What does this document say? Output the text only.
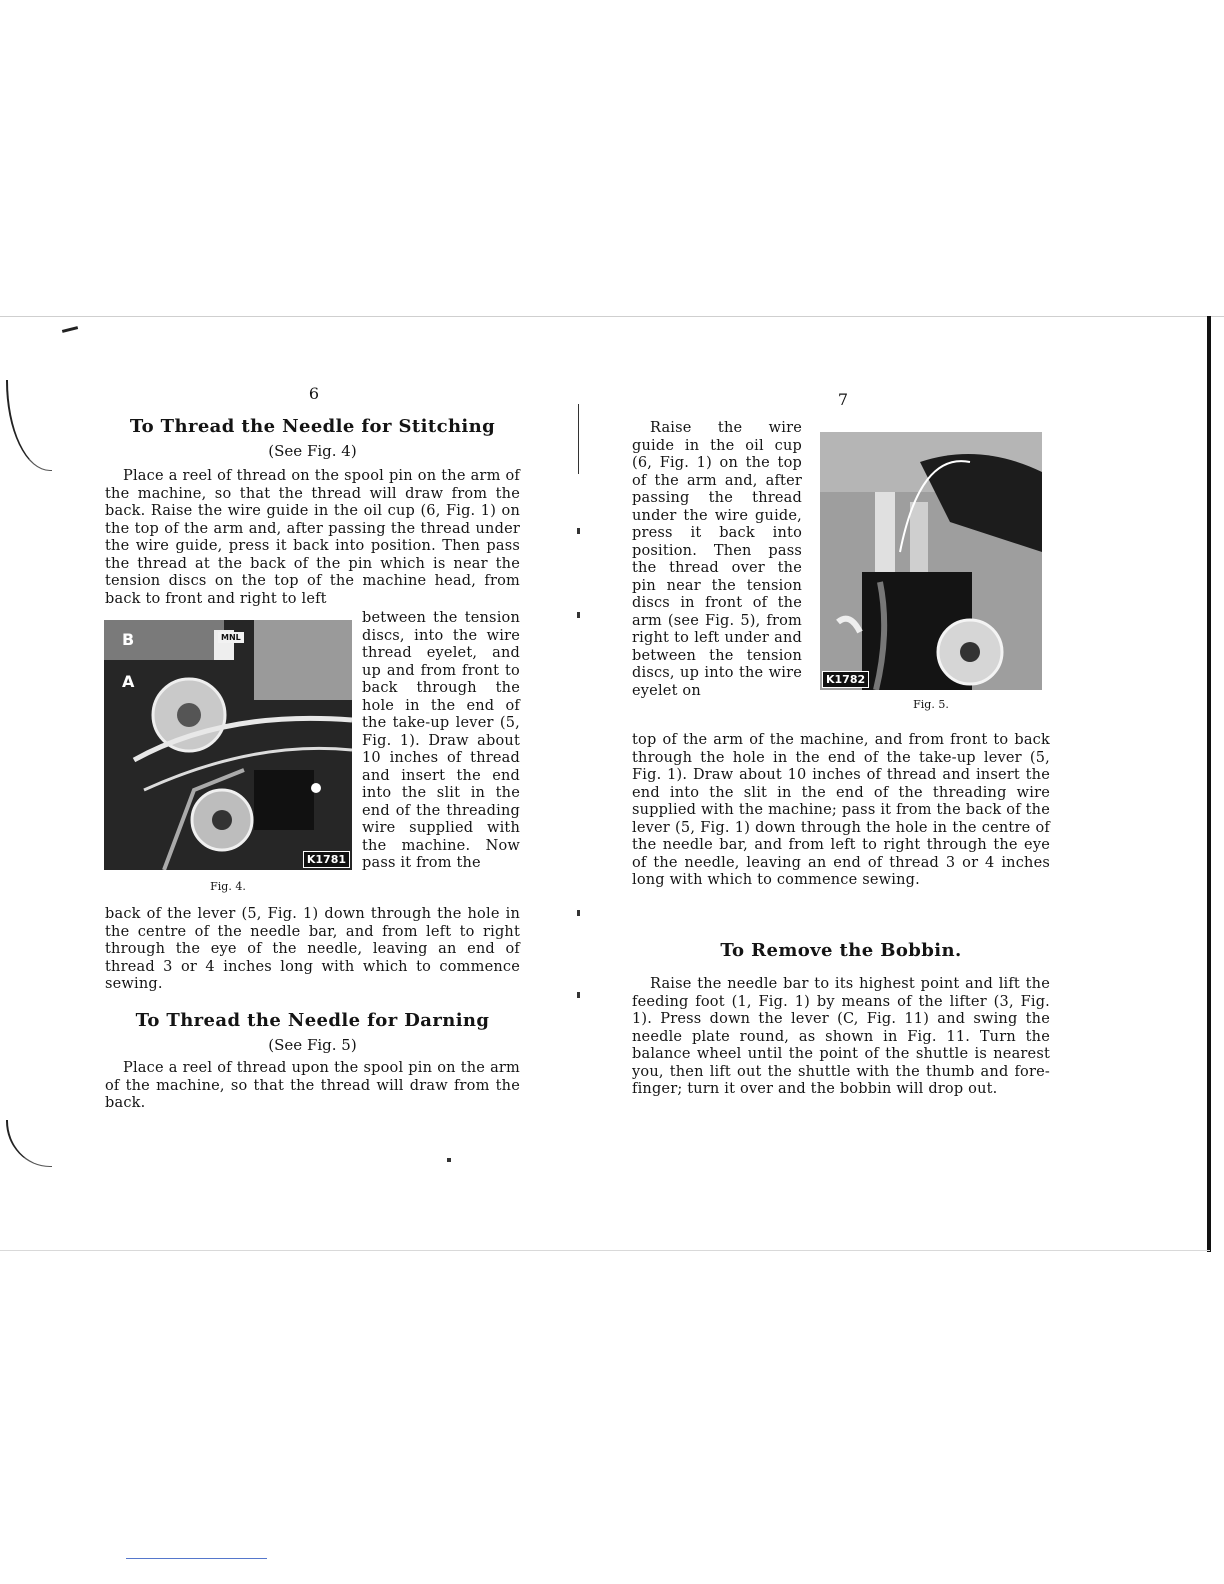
6
To Thread the Needle for Stitching
(See Fig. 4)
Place a reel of thread on the spool pin on the arm of the machine, so that the thread will draw from the back. Raise the wire guide in the oil cup (6, Fig. 1) on the top of the arm and, after passing the thread under the wire guide, press it back into position. Then pass the thread at the back of the pin which is near the tension discs on the top of the machine head, from back to front and right to left
B
A
MNL
K1781
Fig. 4.
between the tension discs, into the wire thread eyelet, and up and from front to back through the hole in the end of the take-up lever (5, Fig. 1). Draw about 10 inches of thread and insert the end into the slit in the end of the threading wire supplied with the machine. Now pass it from the
back of the lever (5, Fig. 1) down through the hole in the centre of the needle bar, and from left to right through the eye of the needle, leaving an end of thread 3 or 4 inches long with which to commence sewing.
To Thread the Needle for Darning
(See Fig. 5)
Place a reel of thread upon the spool pin on the arm of the machine, so that the thread will draw from the back.
7
Raise the wire guide in the oil cup (6, Fig. 1) on the top of the arm and, after passing the thread under the wire guide, press it back into position. Then pass the thread over the pin near the tension discs in front of the arm (see Fig. 5), from right to left under and between the tension discs, up into the wire eyelet on
K1782
Fig. 5.
top of the arm of the machine, and from front to back through the hole in the end of the take-up lever (5, Fig. 1). Draw about 10 inches of thread and insert the end into the slit in the end of the threading wire supplied with the machine; pass it from the back of the lever (5, Fig. 1) down through the hole in the centre of the needle bar, and from left to right through the eye of the needle, leaving an end of thread 3 or 4 inches long with which to commence sewing.
To Remove the Bobbin.
Raise the needle bar to its highest point and lift the feeding foot (1, Fig. 1) by means of the lifter (3, Fig. 1). Press down the lever (C, Fig. 11) and swing the needle plate round, as shown in Fig. 11. Turn the balance wheel until the point of the shuttle is nearest you, then lift out the shuttle with the thumb and fore-finger; turn it over and the bobbin will drop out.
